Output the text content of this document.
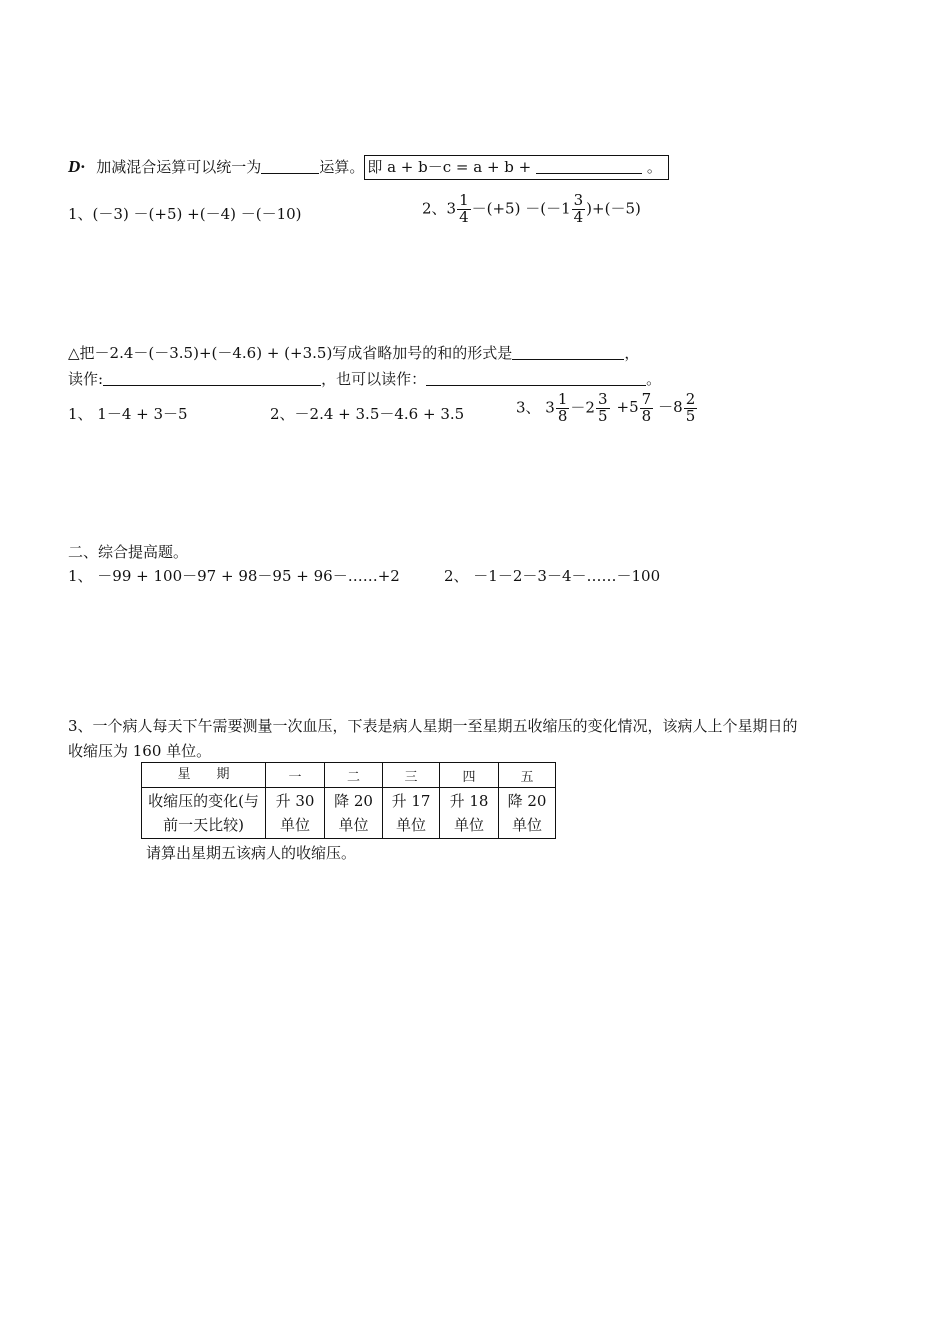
D· 加减混合运算可以统一为	运算。 即 a + b－c = a + b +	。
1、(－3) －(+5) +(－4) －(－10)	2、$3 \frac{1}{4} -(+5) -(-1 \frac{3}{4} )+(-5)$
△把－2.4－(－3.5)+(－4.6) + (+3.5)写成省略加号的和的形式是	，
读作:	，也可以读作：	。
1、 1－4 + 3－5	2、－2.4 + 3.5－4.6 + 3.5	3、 $3 \frac{1}{8} -2 \frac{3}{5} +5 \frac{7}{8} -8 \frac{2}{5}$
二、综合提高题。
1、 －99 + 100－97 + 98－95 + 96－……+2	2、 －1－2－3－4－……－100
3、一个病人每天下午需要测量一次血压，下表是病人星期一至星期五收缩压的变化情况，该病人上个星期日的
收缩压为 160 单位。
星　　期	一	二	三	四	五
收缩压的变化(与
前一天比较)	升 30
单位	降 20
单位	升 17
单位	升 18
单位	降 20
单位
请算出星期五该病人的收缩压。
